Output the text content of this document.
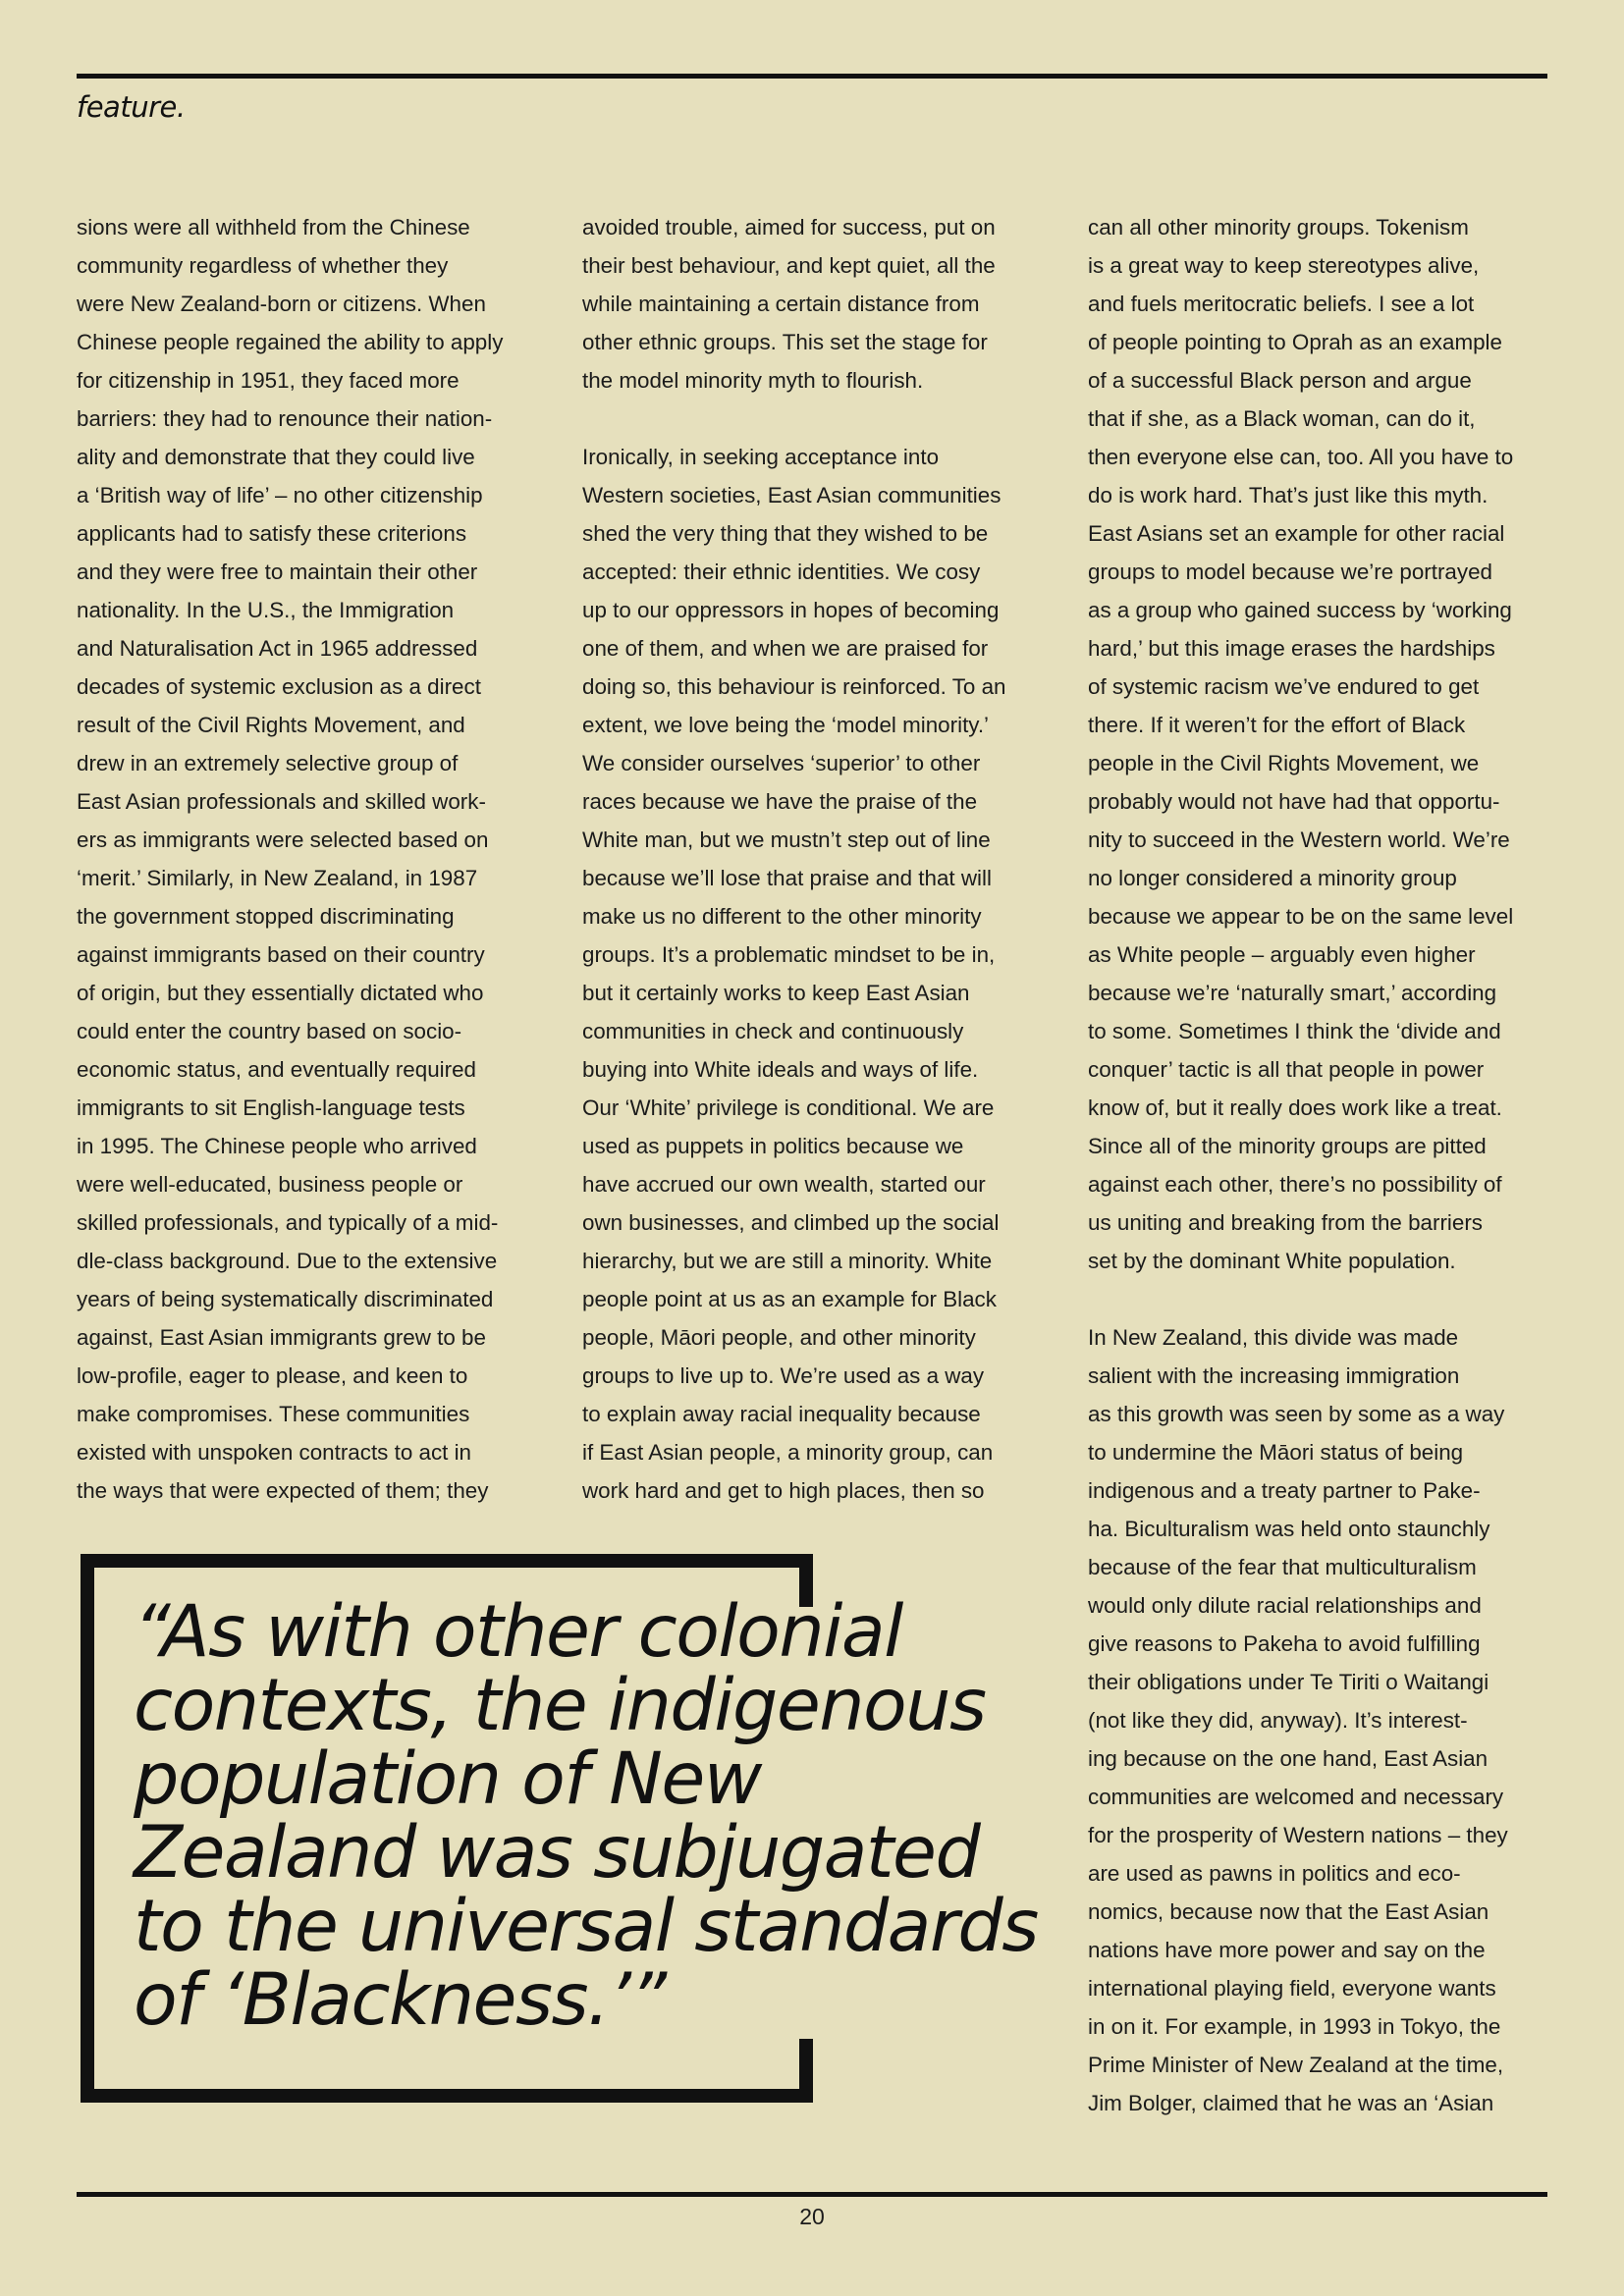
feature.

sions were all withheld from the Chinese
community regardless of whether they
were New Zealand-born or citizens. When
Chinese people regained the ability to apply
for citizenship in 1951, they faced more
barriers: they had to renounce their nation-
ality and demonstrate that they could live
a ‘British way of life’ – no other citizenship
applicants had to satisfy these criterions
and they were free to maintain their other
nationality. In the U.S., the Immigration
and Naturalisation Act in 1965 addressed
decades of systemic exclusion as a direct
result of the Civil Rights Movement, and
drew in an extremely selective group of
East Asian professionals and skilled work-
ers as immigrants were selected based on
‘merit.’ Similarly, in New Zealand, in 1987
the government stopped discriminating
against immigrants based on their country
of origin, but they essentially dictated who
could enter the country based on socio-
economic status, and eventually required
immigrants to sit English-language tests
in 1995. The Chinese people who arrived
were well-educated, business people or
skilled professionals, and typically of a mid-
dle-class background. Due to the extensive
years of being systematically discriminated
against, East Asian immigrants grew to be
low-profile, eager to please, and keen to
make compromises. These communities
existed with unspoken contracts to act in
the ways that were expected of them; they

avoided trouble, aimed for success, put on
their best behaviour, and kept quiet, all the
while maintaining a certain distance from
other ethnic groups. This set the stage for
the model minority myth to flourish.

Ironically, in seeking acceptance into
Western societies, East Asian communities
shed the very thing that they wished to be
accepted: their ethnic identities. We cosy
up to our oppressors in hopes of becoming
one of them, and when we are praised for
doing so, this behaviour is reinforced. To an
extent, we love being the ‘model minority.’
We consider ourselves ‘superior’ to other
races because we have the praise of the
White man, but we mustn’t step out of line
because we’ll lose that praise and that will
make us no different to the other minority
groups. It’s a problematic mindset to be in,
but it certainly works to keep East Asian
communities in check and continuously
buying into White ideals and ways of life.
Our ‘White’ privilege is conditional. We are
used as puppets in politics because we
have accrued our own wealth, started our
own businesses, and climbed up the social
hierarchy, but we are still a minority. White
people point at us as an example for Black
people, Māori people, and other minority
groups to live up to. We’re used as a way
to explain away racial inequality because
if East Asian people, a minority group, can
work hard and get to high places, then so

can all other minority groups. Tokenism
is a great way to keep stereotypes alive,
and fuels meritocratic beliefs. I see a lot
of people pointing to Oprah as an example
of a successful Black person and argue
that if she, as a Black woman, can do it,
then everyone else can, too. All you have to
do is work hard. That’s just like this myth.
East Asians set an example for other racial
groups to model because we’re portrayed
as a group who gained success by ‘working
hard,’ but this image erases the hardships
of systemic racism we’ve endured to get
there. If it weren’t for the effort of Black
people in the Civil Rights Movement, we
probably would not have had that opportu-
nity to succeed in the Western world. We’re
no longer considered a minority group
because we appear to be on the same level
as White people – arguably even higher
because we’re ‘naturally smart,’ according
to some. Sometimes I think the ‘divide and
conquer’ tactic is all that people in power
know of, but it really does work like a treat.
Since all of the minority groups are pitted
against each other, there’s no possibility of
us uniting and breaking from the barriers
set by the dominant White population.

In New Zealand, this divide was made
salient with the increasing immigration
as this growth was seen by some as a way
to undermine the Māori status of being
indigenous and a treaty partner to Pake-
ha. Biculturalism was held onto staunchly
because of the fear that multiculturalism
would only dilute racial relationships and
give reasons to Pakeha to avoid fulfilling
their obligations under Te Tiriti o Waitangi
(not like they did, anyway). It’s interest-
ing because on the one hand, East Asian
communities are welcomed and necessary
for the prosperity of Western nations – they
are used as pawns in politics and eco-
nomics, because now that the East Asian
nations have more power and say on the
international playing field, everyone wants
in on it. For example, in 1993 in Tokyo, the
Prime Minister of New Zealand at the time,
Jim Bolger, claimed that he was an ‘Asian

“As with other colonial
contexts, the indigenous
population of New
Zealand was subjugated
to the universal standards
of ‘Blackness.’”

20
